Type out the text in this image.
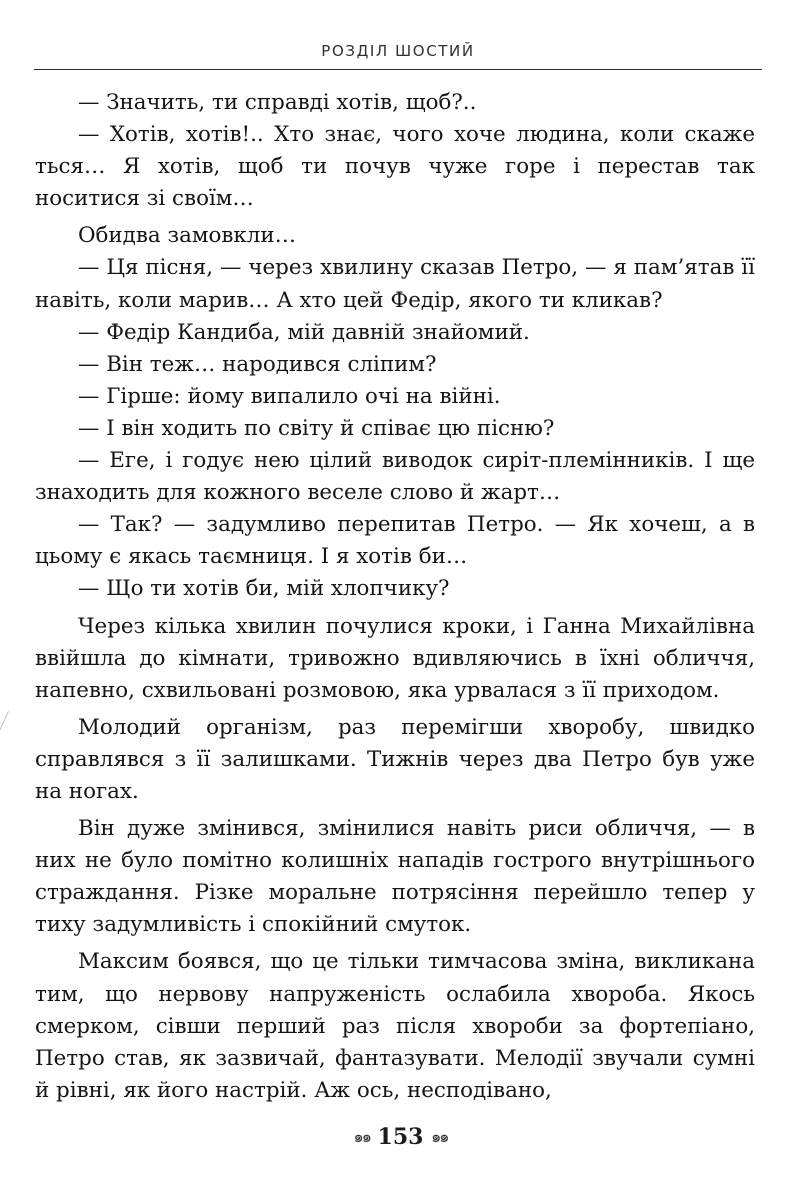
РОЗДІЛ ШОСТИЙ

— Значить, ти справді хотів, щоб?..

— Хотів, хотів!.. Хто знає, чого хоче людина, коли скаже ться… Я хотів, щоб ти почув чуже горе і перестав так носитися зі своїм…

Обидва замовкли…

— Ця пісня, — через хвилину сказав Петро, — я пам’ятав її навіть, коли марив… А хто цей Федір, якого ти кликав?

— Федір Кандиба, мій давній знайомий.

— Він теж… народився сліпим?

— Гірше: йому випалило очі на війні.

— І він ходить по світу й співає цю пісню?

— Еге, і годує нею цілий виводок сиріт-племінників. І ще знаходить для кожного веселе слово й жарт…

— Так? — задумливо перепитав Петро. — Як хочеш, а в цьому є якась таємниця. І я хотів би…

— Що ти хотів би, мій хлопчику?

Через кілька хвилин почулися кроки, і Ганна Михайлівна ввійшла до кімнати, тривожно вдивляючись в їхні обличчя, напевно, схвильовані розмовою, яка урвалася з її приходом.

Молодий організм, раз перемігши хворобу, швидко справлявся з її залишками. Тижнів через два Петро був уже на ногах.

Він дуже змінився, змінилися навіть риси обличчя, — в них не було помітно колишніх нападів гострого внутрішнього страждання. Різке моральне потрясіння перейшло тепер у тиху задумливість і спокійний смуток.

Максим боявся, що це тільки тимчасова зміна, викликана тим, що нервову напруженість ослабила хвороба. Якось смерком, сівши перший раз після хвороби за фортепіано, Петро став, як зазвичай, фантазувати. Мелодії звучали сумні й рівні, як його настрій. Аж ось, несподівано,

๑๑ 153 ๑๑
